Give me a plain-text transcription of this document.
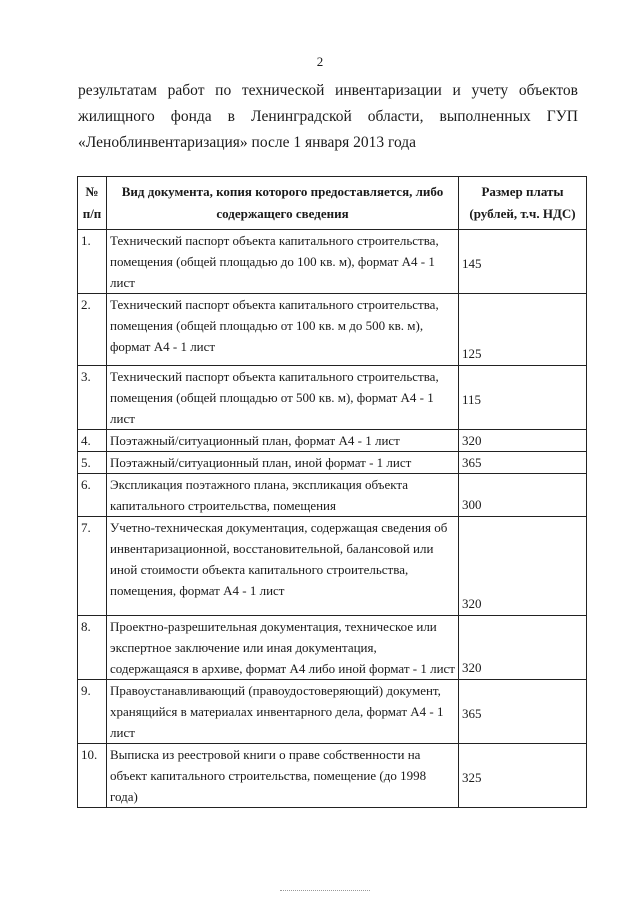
2
результатам работ по технической инвентаризации и учету объектов
жилищного фонда в Ленинградской области, выполненных ГУП
«Леноблинвентаризация» после 1 января 2013 года
№ п/п	Вид документа, копия которого предоставляется, либо содержащего сведения	Размер платы (рублей, т.ч. НДС)
1.	Технический паспорт объекта капитального строительства, помещения (общей площадью до 100 кв. м), формат А4 - 1 лист	145
2.	Технический паспорт объекта капитального строительства, помещения (общей площадью от 100 кв. м до 500 кв. м), формат А4 - 1 лист	125
3.	Технический паспорт объекта капитального строительства, помещения (общей площадью от 500 кв. м), формат А4 - 1 лист	115
4.	Поэтажный/ситуационный план, формат А4 - 1 лист	320
5.	Поэтажный/ситуационный план, иной формат - 1 лист	365
6.	Экспликация поэтажного плана, экспликация объекта капитального строительства, помещения	300
7.	Учетно-техническая документация, содержащая сведения об инвентаризационной, восстановительной, балансовой или иной стоимости объекта капитального строительства, помещения, формат А4 - 1 лист	320
8.	Проектно-разрешительная документация, техническое или экспертное заключение или иная документация, содержащаяся в архиве, формат А4 либо иной формат - 1 лист	320
9.	Правоустанавливающий (правоудостоверяющий) документ, хранящийся в материалах инвентарного дела, формат А4 - 1 лист	365
10.	Выписка из реестровой книги о праве собственности на объект капитального строительства, помещение (до 1998 года)	325
